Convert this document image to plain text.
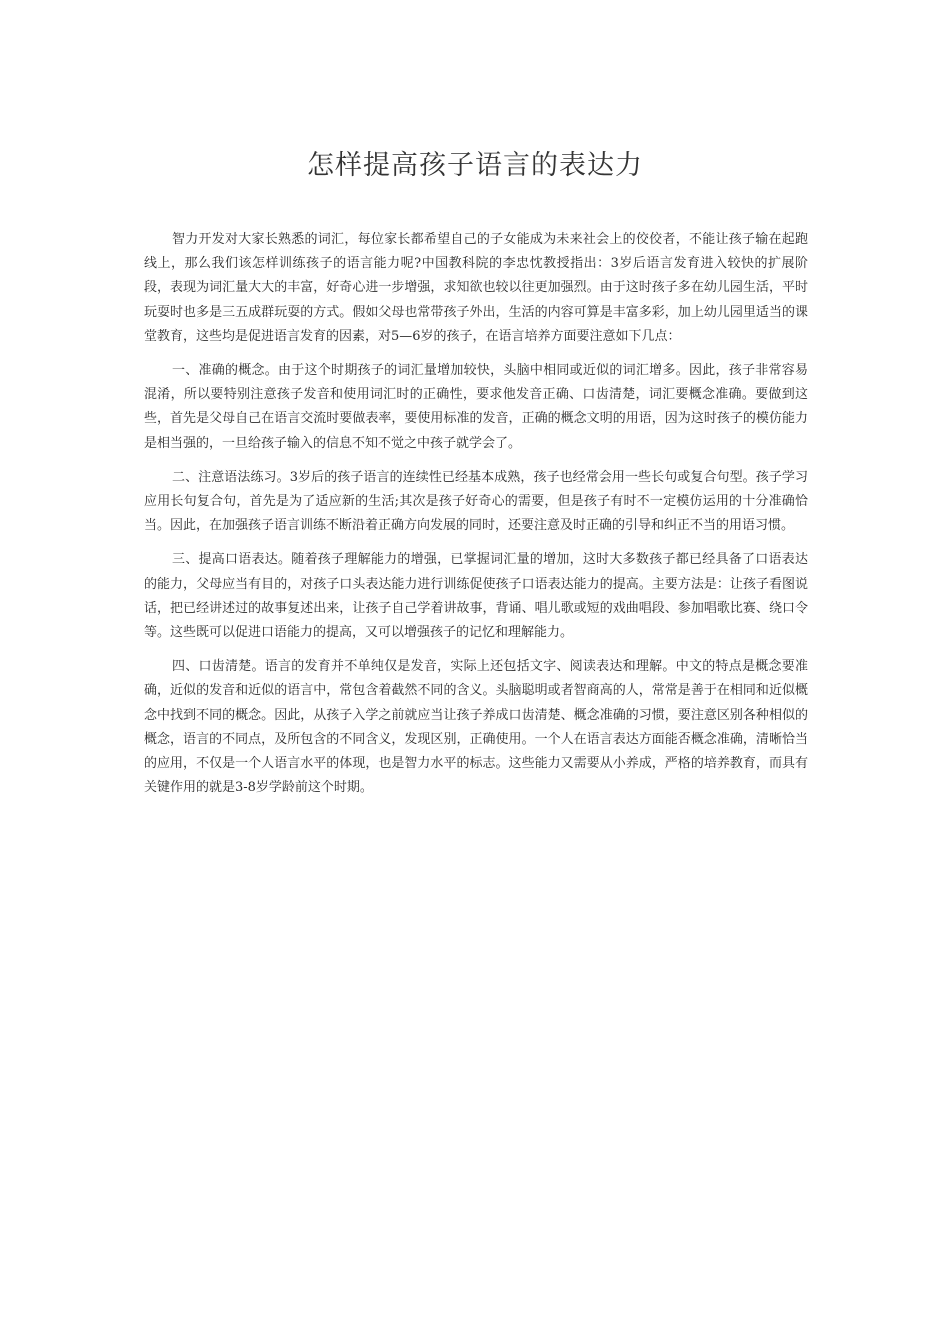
怎样提高孩子语言的表达力

智力开发对大家长熟悉的词汇，每位家长都希望自己的子女能成为未来社会上的佼佼者，不能让孩子输在起跑线上，那么我们该怎样训练孩子的语言能力呢?中国教科院的李忠忱教授指出：3岁后语言发育进入较快的扩展阶段，表现为词汇量大大的丰富，好奇心进一步增强，求知欲也较以往更加强烈。由于这时孩子多在幼儿园生活，平时玩耍时也多是三五成群玩耍的方式。假如父母也常带孩子外出，生活的内容可算是丰富多彩，加上幼儿园里适当的课堂教育，这些均是促进语言发育的因素，对5—6岁的孩子，在语言培养方面要注意如下几点：

一、准确的概念。由于这个时期孩子的词汇量增加较快，头脑中相同或近似的词汇增多。因此，孩子非常容易混淆，所以要特别注意孩子发音和使用词汇时的正确性，要求他发音正确、口齿清楚，词汇要概念准确。要做到这些，首先是父母自己在语言交流时要做表率，要使用标准的发音，正确的概念文明的用语，因为这时孩子的模仿能力是相当强的，一旦给孩子输入的信息不知不觉之中孩子就学会了。

二、注意语法练习。3岁后的孩子语言的连续性已经基本成熟，孩子也经常会用一些长句或复合句型。孩子学习应用长句复合句，首先是为了适应新的生活;其次是孩子好奇心的需要，但是孩子有时不一定模仿运用的十分准确恰当。因此，在加强孩子语言训练不断沿着正确方向发展的同时，还要注意及时正确的引导和纠正不当的用语习惯。

三、提高口语表达。随着孩子理解能力的增强，已掌握词汇量的增加，这时大多数孩子都已经具备了口语表达的能力，父母应当有目的，对孩子口头表达能力进行训练促使孩子口语表达能力的提高。主要方法是：让孩子看图说话，把已经讲述过的故事复述出来，让孩子自己学着讲故事，背诵、唱儿歌或短的戏曲唱段、参加唱歌比赛、绕口令等。这些既可以促进口语能力的提高，又可以增强孩子的记忆和理解能力。

四、口齿清楚。语言的发育并不单纯仅是发音，实际上还包括文字、阅读表达和理解。中文的特点是概念要准确，近似的发音和近似的语言中，常包含着截然不同的含义。头脑聪明或者智商高的人，常常是善于在相同和近似概念中找到不同的概念。因此，从孩子入学之前就应当让孩子养成口齿清楚、概念准确的习惯，要注意区别各种相似的概念，语言的不同点，及所包含的不同含义，发现区别，正确使用。一个人在语言表达方面能否概念准确，清晰恰当的应用，不仅是一个人语言水平的体现，也是智力水平的标志。这些能力又需要从小养成，严格的培养教育，而具有关键作用的就是3-8岁学龄前这个时期。
